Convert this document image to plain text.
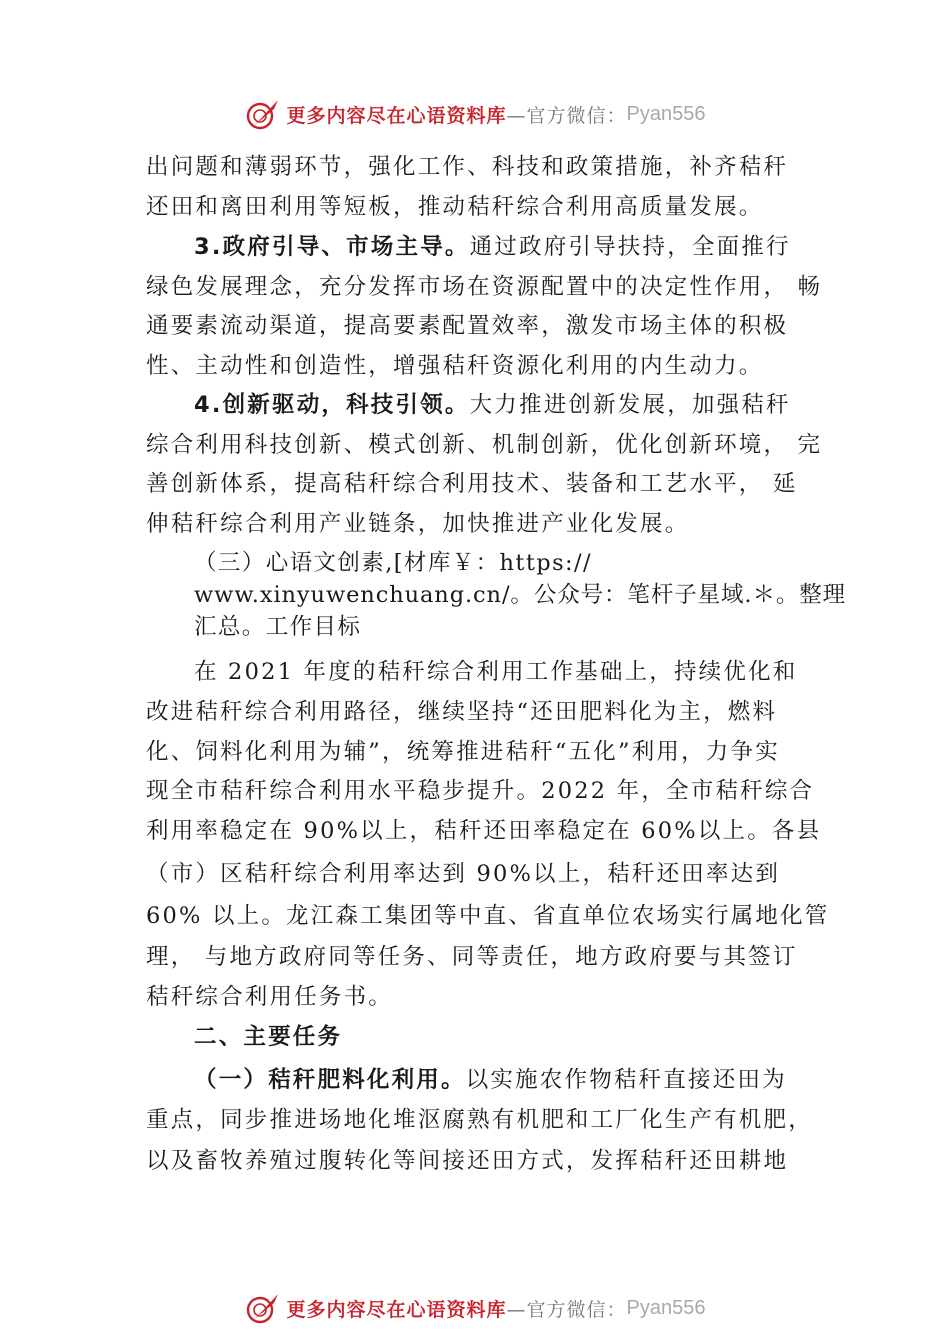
更多内容尽在心语资料库 —官方微信： Pyan556
出问题和薄弱环节，强化工作、科技和政策措施，补齐秸秆
还田和离田利用等短板，推动秸秆综合利用高质量发展。
3.政府引导、市场主导。通过政府引导扶持，全面推行
绿色发展理念，充分发挥市场在资源配置中的决定性作用， 畅
通要素流动渠道，提高要素配置效率，激发市场主体的积极
性、主动性和创造性，增强秸秆资源化利用的内生动力。
4.创新驱动，科技引领。大力推进创新发展，加强秸秆
综合利用科技创新、模式创新、机制创新，优化创新环境， 完
善创新体系，提高秸秆综合利用技术、装备和工艺水平， 延
伸秸秆综合利用产业链条，加快推进产业化发展。
（三）心语文创素,[材库￥：https://
www.xinyuwenchuang.cn/。公众号：笔杆子星域.＊。整理
汇总。工作目标
在 2021 年度的秸秆综合利用工作基础上，持续优化和
改进秸秆综合利用路径，继续坚持“还田肥料化为主，燃料
化、饲料化利用为辅”，统筹推进秸秆“五化”利用，力争实
现全市秸秆综合利用水平稳步提升。2022 年，全市秸秆综合
利用率稳定在 90%以上，秸秆还田率稳定在 60%以上。各县
（市）区秸秆综合利用率达到 90%以上，秸秆还田率达到
60% 以上。龙江森工集团等中直、省直单位农场实行属地化管
理， 与地方政府同等任务、同等责任，地方政府要与其签订
秸秆综合利用任务书。
二、主要任务
（一）秸秆肥料化利用。以实施农作物秸秆直接还田为
重点，同步推进场地化堆沤腐熟有机肥和工厂化生产有机肥，
以及畜牧养殖过腹转化等间接还田方式，发挥秸秆还田耕地
更多内容尽在心语资料库 —官方微信： Pyan556
